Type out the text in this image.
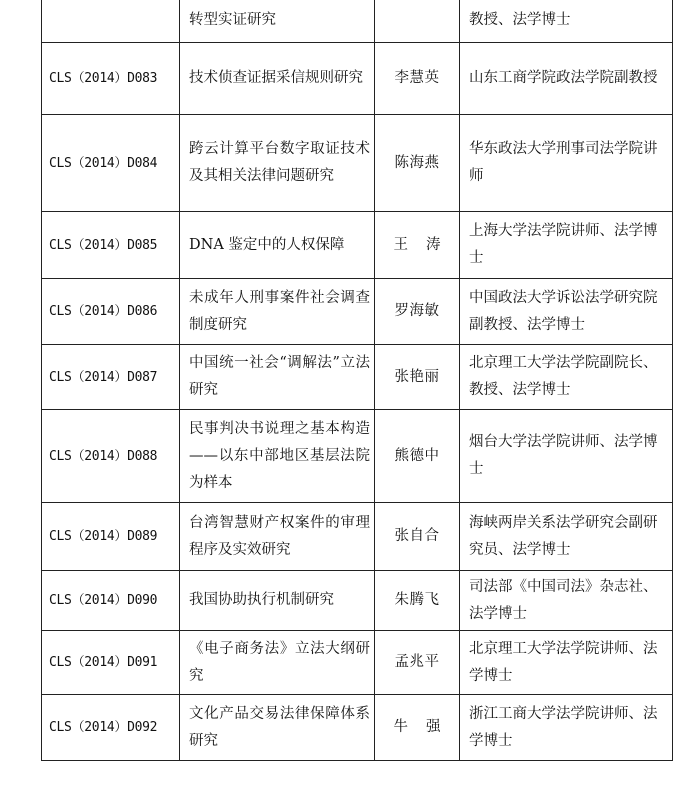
	转型实证研究		教授、法学博士
CLS（2014）D083	技术侦查证据采信规则研究	李慧英	山东工商学院政法学院副教授
CLS（2014）D084	跨云计算平台数字取证技术及其相关法律问题研究	陈海燕	华东政法大学刑事司法学院讲师
CLS（2014）D085	DNA 鉴定中的人权保障	王涛	上海大学法学院讲师、法学博士
CLS（2014）D086	未成年人刑事案件社会调查制度研究	罗海敏	中国政法大学诉讼法学研究院副教授、法学博士
CLS（2014）D087	中国统一社会“调解法”立法研究	张艳丽	北京理工大学法学院副院长、教授、法学博士
CLS（2014）D088	民事判决书说理之基本构造——以东中部地区基层法院为样本	熊德中	烟台大学法学院讲师、法学博士
CLS（2014）D089	台湾智慧财产权案件的审理程序及实效研究	张自合	海峡两岸关系法学研究会副研究员、法学博士
CLS（2014）D090	我国协助执行机制研究	朱腾飞	司法部《中国司法》杂志社、法学博士
CLS（2014）D091	《电子商务法》立法大纲研究	孟兆平	北京理工大学法学院讲师、法学博士
CLS（2014）D092	文化产品交易法律保障体系研究	牛强	浙江工商大学法学院讲师、法学博士
